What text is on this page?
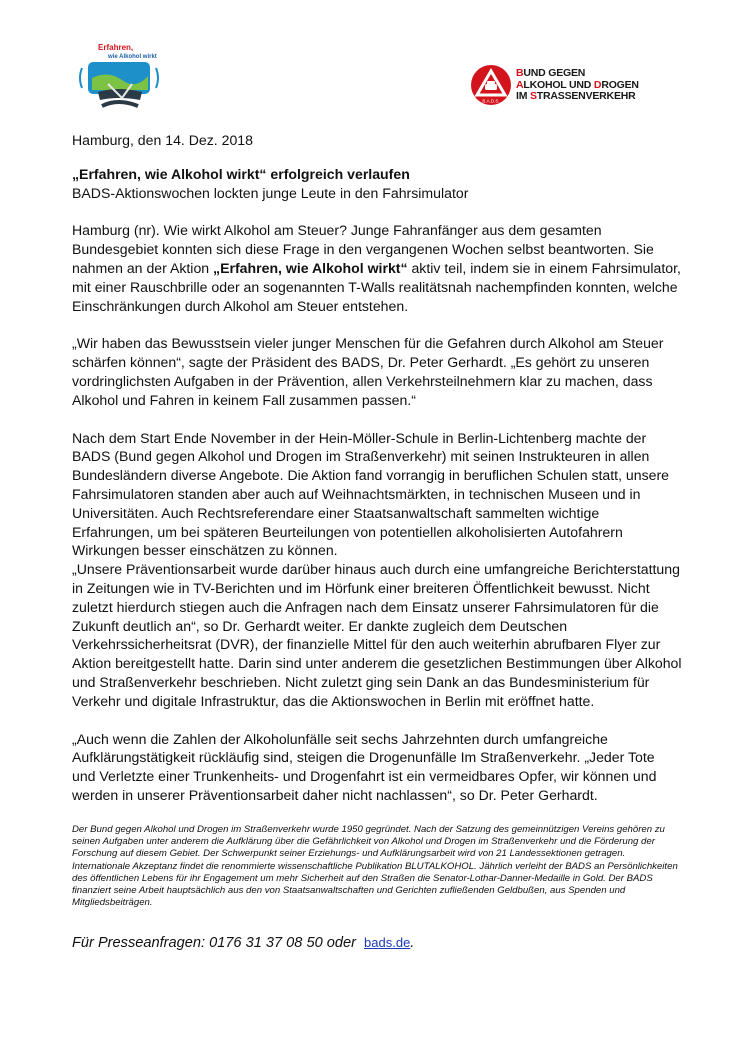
Erfahren,
wie Alkohol wirkt
B.A.D.S.
BUND GEGEN
ALKOHOL UND DROGEN
IM STRASSENVERKEHR

Hamburg, den 14. Dez. 2018

„Erfahren, wie Alkohol wirkt“ erfolgreich verlaufen

BADS-Aktionswochen lockten junge Leute in den Fahrsimulator

Hamburg (nr). Wie wirkt Alkohol am Steuer? Junge Fahranfänger aus dem gesamten Bundesgebiet konnten sich diese Frage in den vergangenen Wochen selbst beantworten. Sie nahmen an der Aktion „Erfahren, wie Alkohol wirkt“ aktiv teil, indem sie in einem Fahrsimulator, mit einer Rauschbrille oder an sogenannten T-Walls realitätsnah nachempfinden konnten, welche Einschränkungen durch Alkohol am Steuer entstehen.

„Wir haben das Bewusstsein vieler junger Menschen für die Gefahren durch Alkohol am Steuer schärfen können“, sagte der Präsident des BADS, Dr. Peter Gerhardt. „Es gehört zu unseren vordringlichsten Aufgaben in der Prävention, allen Verkehrsteilnehmern klar zu machen, dass Alkohol und Fahren in keinem Fall zusammen passen.“

Nach dem Start Ende November in der Hein-Möller-Schule in Berlin-Lichtenberg machte der BADS (Bund gegen Alkohol und Drogen im Straßenverkehr) mit seinen Instrukteuren in allen Bundesländern diverse Angebote. Die Aktion fand vorrangig in beruflichen Schulen statt, unsere Fahrsimulatoren standen aber auch auf Weihnachtsmärkten, in technischen Museen und in Universitäten. Auch Rechtsreferendare einer Staatsanwaltschaft sammelten wichtige Erfahrungen, um bei späteren Beurteilungen von potentiellen alkoholisierten Autofahrern Wirkungen besser einschätzen zu können.

„Unsere Präventionsarbeit wurde darüber hinaus auch durch eine umfangreiche Berichterstattung in Zeitungen wie in TV-Berichten und im Hörfunk einer breiteren Öffentlichkeit bewusst. Nicht zuletzt hierdurch stiegen auch die Anfragen nach dem Einsatz unserer Fahrsimulatoren für die Zukunft deutlich an“, so Dr. Gerhardt weiter. Er dankte zugleich dem Deutschen Verkehrssicherheitsrat (DVR), der finanzielle Mittel für den auch weiterhin abrufbaren Flyer zur Aktion bereitgestellt hatte. Darin sind unter anderem die gesetzlichen Bestimmungen über Alkohol und Straßenverkehr beschrieben. Nicht zuletzt ging sein Dank an das Bundesministerium für Verkehr und digitale Infrastruktur, das die Aktionswochen in Berlin mit eröffnet hatte.

„Auch wenn die Zahlen der Alkoholunfälle seit sechs Jahrzehnten durch umfangreiche Aufklärungstätigkeit rückläufig sind, steigen die Drogenunfälle Im Straßenverkehr. „Jeder Tote und Verletzte einer Trunkenheits- und Drogenfahrt ist ein vermeidbares Opfer, wir können und werden in unserer Präventionsarbeit daher nicht nachlassen“, so Dr. Peter Gerhardt.

Der Bund gegen Alkohol und Drogen im Straßenverkehr wurde 1950 gegründet. Nach der Satzung des gemeinnützigen Vereins gehören zu seinen Aufgaben unter anderem die Aufklärung über die Gefährlichkeit von Alkohol und Drogen im Straßenverkehr und die Förderung der Forschung auf diesem Gebiet. Der Schwerpunkt seiner Erziehungs- und Aufklärungsarbeit wird von 21 Landessektionen getragen. Internationale Akzeptanz findet die renommierte wissenschaftliche Publikation BLUTALKOHOL. Jährlich verleiht der BADS an Persönlichkeiten des öffentlichen Lebens für ihr Engagement um mehr Sicherheit auf den Straßen die Senator-Lothar-Danner-Medaille in Gold. Der BADS finanziert seine Arbeit hauptsächlich aus den von Staatsanwaltschaften und Gerichten zufließenden Geldbußen, aus Spenden und Mitgliedsbeiträgen.

Für Presseanfragen: 0176 31 37 08 50 oder bads.de.
